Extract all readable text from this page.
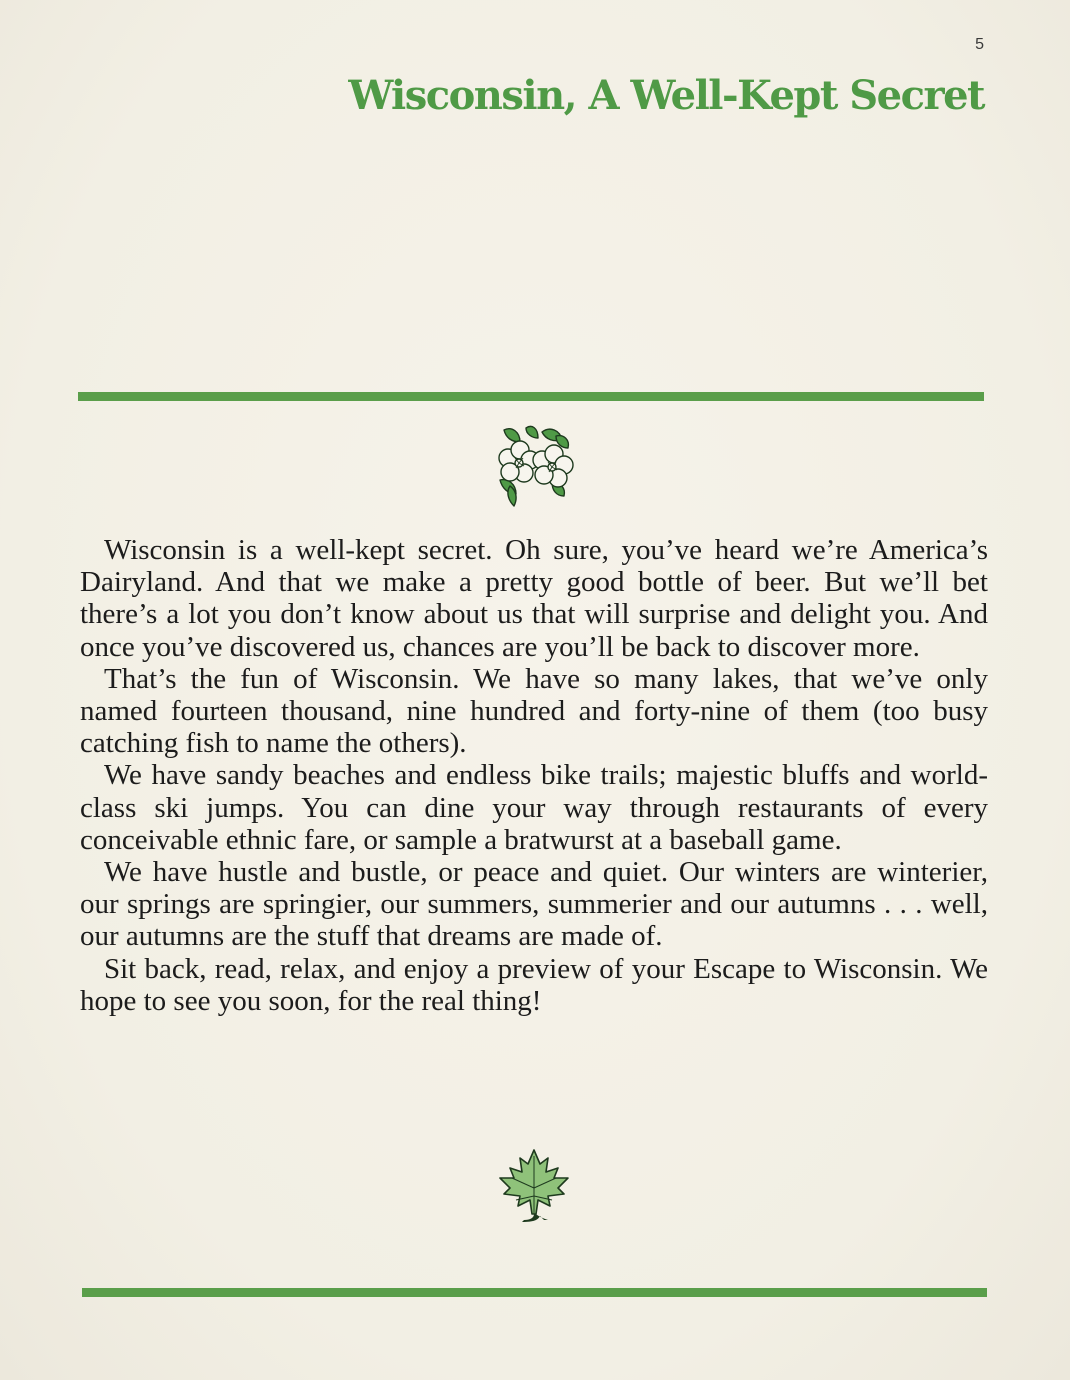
5
Wisconsin, A Well-Kept Secret

Wisconsin is a well-kept secret. Oh sure, you’ve heard we’re America’s Dairyland. And that we make a pretty good bottle of beer. But we’ll bet there’s a lot you don’t know about us that will surprise and delight you. And once you’ve discovered us, chances are you’ll be back to discover more.

That’s the fun of Wisconsin. We have so many lakes, that we’ve only named fourteen thousand, nine hundred and forty-nine of them (too busy catching fish to name the others).

We have sandy beaches and endless bike trails; majestic bluffs and world-class ski jumps. You can dine your way through restaurants of every conceivable ethnic fare, or sample a bratwurst at a baseball game.

We have hustle and bustle, or peace and quiet. Our winters are winterier, our springs are springier, our summers, summerier and our autumns . . . well, our autumns are the stuff that dreams are made of.

Sit back, read, relax, and enjoy a preview of your Escape to Wisconsin. We hope to see you soon, for the real thing!
